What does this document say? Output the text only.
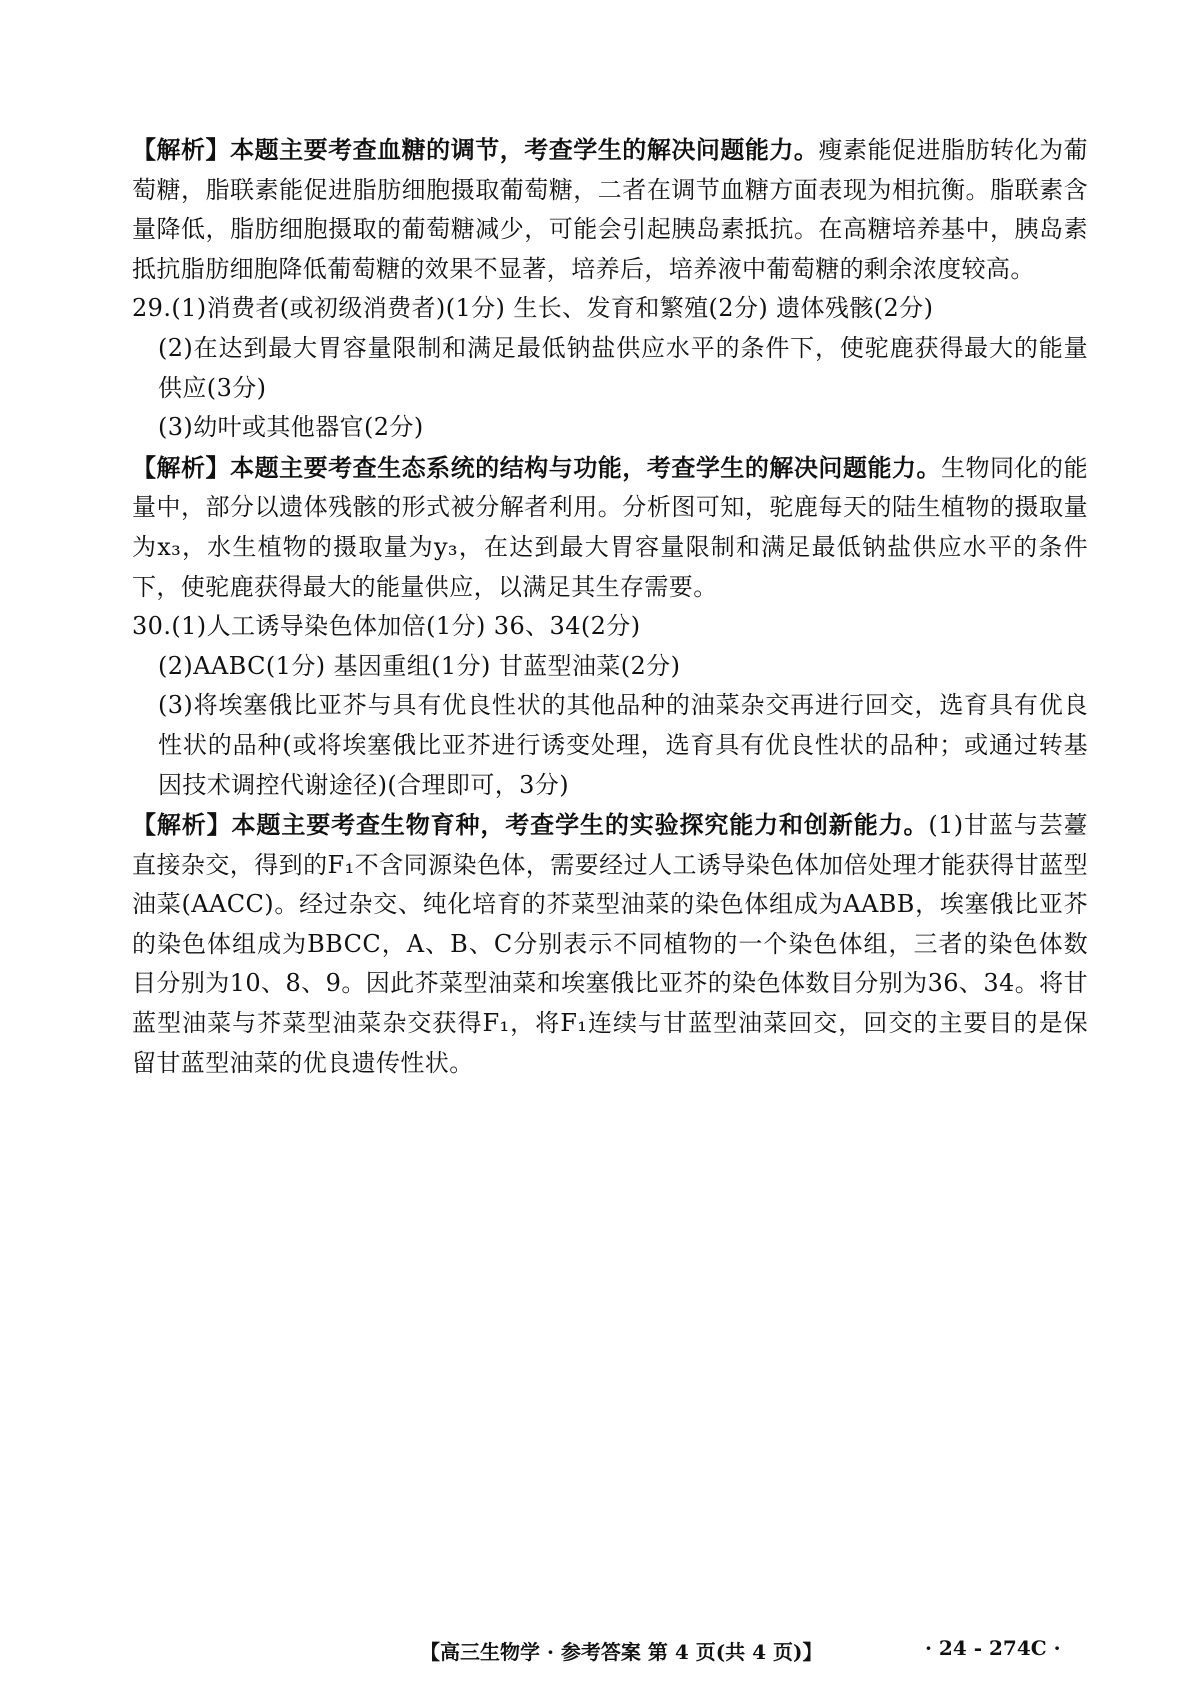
【解析】本题主要考查血糖的调节，考查学生的解决问题能力。瘦素能促进脂肪转化为葡萄糖，脂联素能促进脂肪细胞摄取葡萄糖，二者在调节血糖方面表现为相抗衡。脂联素含量降低，脂肪细胞摄取的葡萄糖减少，可能会引起胰岛素抵抗。在高糖培养基中，胰岛素抵抗脂肪细胞降低葡萄糖的效果不显著，培养后，培养液中葡萄糖的剩余浓度较高。

29.(1)消费者(或初级消费者)(1分) 生长、发育和繁殖(2分) 遗体残骸(2分)

(2)在达到最大胃容量限制和满足最低钠盐供应水平的条件下，使驼鹿获得最大的能量供应(3分)

(3)幼叶或其他器官(2分)

【解析】本题主要考查生态系统的结构与功能，考查学生的解决问题能力。生物同化的能量中，部分以遗体残骸的形式被分解者利用。分析图可知，驼鹿每天的陆生植物的摄取量为x₃，水生植物的摄取量为y₃，在达到最大胃容量限制和满足最低钠盐供应水平的条件下，使驼鹿获得最大的能量供应，以满足其生存需要。

30.(1)人工诱导染色体加倍(1分) 36、34(2分)

(2)AABC(1分) 基因重组(1分) 甘蓝型油菜(2分)

(3)将埃塞俄比亚芥与具有优良性状的其他品种的油菜杂交再进行回交，选育具有优良性状的品种(或将埃塞俄比亚芥进行诱变处理，选育具有优良性状的品种；或通过转基因技术调控代谢途径)(合理即可，3分)

【解析】本题主要考查生物育种，考查学生的实验探究能力和创新能力。(1)甘蓝与芸薹直接杂交，得到的F₁不含同源染色体，需要经过人工诱导染色体加倍处理才能获得甘蓝型油菜(AACC)。经过杂交、纯化培育的芥菜型油菜的染色体组成为AABB，埃塞俄比亚芥的染色体组成为BBCC，A、B、C分别表示不同植物的一个染色体组，三者的染色体数目分别为10、8、9。因此芥菜型油菜和埃塞俄比亚芥的染色体数目分别为36、34。将甘蓝型油菜与芥菜型油菜杂交获得F₁，将F₁连续与甘蓝型油菜回交，回交的主要目的是保留甘蓝型油菜的优良遗传性状。

【高三生物学 · 参考答案 第 4 页(共 4 页)】	· 24 - 274C ·
